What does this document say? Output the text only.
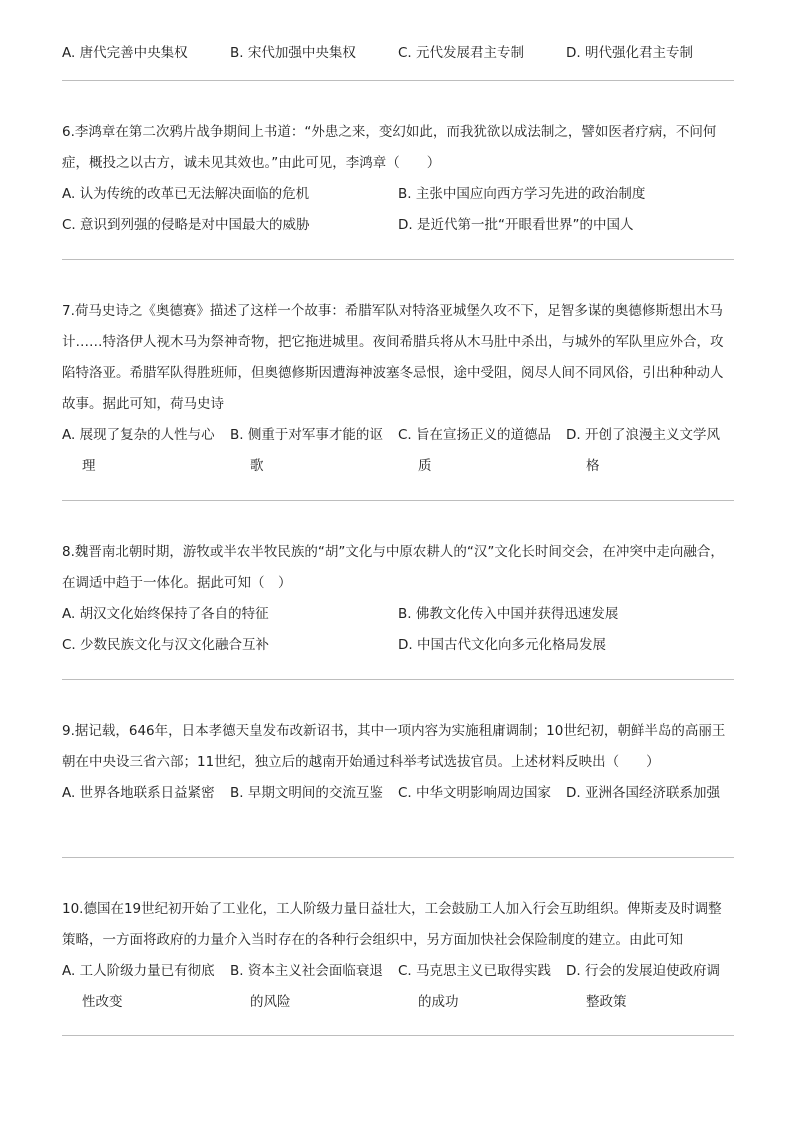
A. 唐代完善中央集权	B. 宋代加强中央集权	C. 元代发展君主专制	D. 明代强化君主专制

6.李鸿章在第二次鸦片战争期间上书道：“外患之来，变幻如此，而我犹欲以成法制之，譬如医者疗病，不问何症，概投之以古方，诚未见其效也。”由此可见，李鸿章（　　）

A. 认为传统的改革已无法解决面临的危机	B. 主张中国应向西方学习先进的政治制度
C. 意识到列强的侵略是对中国最大的威胁	D. 是近代第一批“开眼看世界”的中国人

7.荷马史诗之《奥德赛》描述了这样一个故事：希腊军队对特洛亚城堡久攻不下，足智多谋的奥德修斯想出木马计……特洛伊人视木马为祭神奇物，把它拖进城里。夜间希腊兵将从木马肚中杀出，与城外的军队里应外合，攻陷特洛亚。希腊军队得胜班师，但奥德修斯因遭海神波塞冬忌恨，途中受阻，阅尽人间不同风俗，引出种种动人故事。据此可知，荷马史诗

A. 展现了复杂的人性与心理
B. 侧重于对军事才能的讴歌
C. 旨在宣扬正义的道德品质
D. 开创了浪漫主义文学风格

8.魏晋南北朝时期，游牧或半农半牧民族的“胡”文化与中原农耕人的“汉”文化长时间交会，在冲突中走向融合，在调适中趋于一体化。据此可知（　）

A. 胡汉文化始终保持了各自的特征	B. 佛教文化传入中国并获得迅速发展
C. 少数民族文化与汉文化融合互补	D. 中国古代文化向多元化格局发展

9.据记载，646年，日本孝德天皇发布改新诏书，其中一项内容为实施租庸调制；10世纪初，朝鲜半岛的高丽王朝在中央设三省六部；11世纪，独立后的越南开始通过科举考试选拔官员。上述材料反映出（　　）

A. 世界各地联系日益紧密	B. 早期文明间的交流互鉴	C. 中华文明影响周边国家	D. 亚洲各国经济联系加强

10.德国在19世纪初开始了工业化，工人阶级力量日益壮大，工会鼓励工人加入行会互助组织。俾斯麦及时调整策略，一方面将政府的力量介入当时存在的各种行会组织中，另方面加快社会保险制度的建立。由此可知

A. 工人阶级力量已有彻底性改变
B. 资本主义社会面临衰退的风险
C. 马克思主义已取得实践的成功
D. 行会的发展迫使政府调整政策
